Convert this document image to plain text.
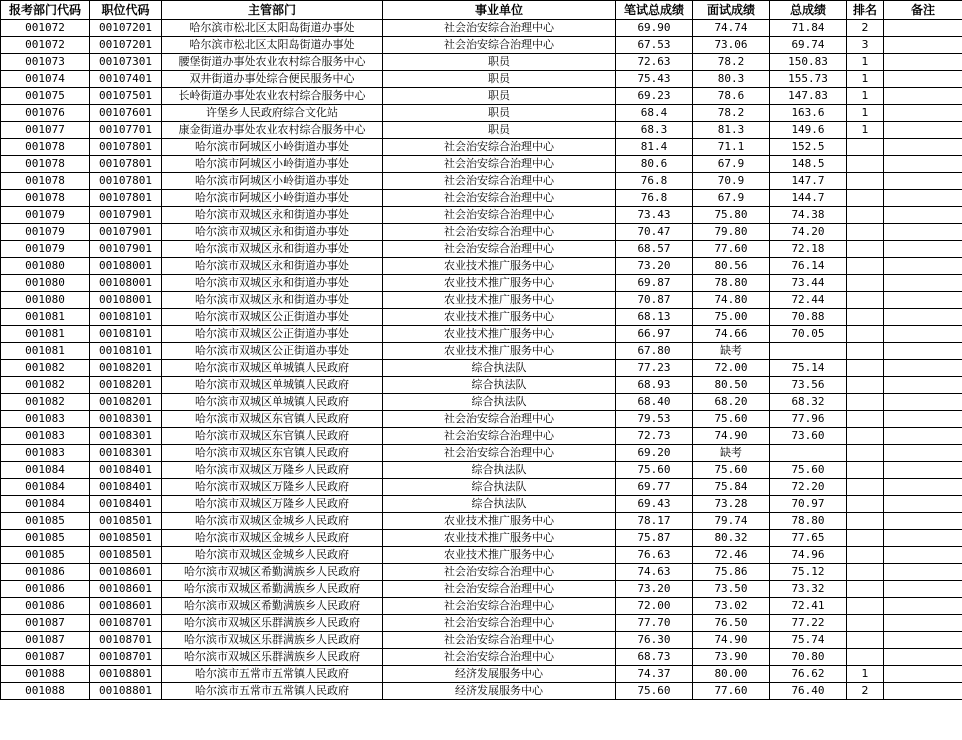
报考部门代码	职位代码	主管部门	事业单位	笔试总成绩	面试成绩	总成绩	排名	备注
001072	00107201	哈尔滨市松北区太阳岛街道办事处	社会治安综合治理中心	69.90	74.74	71.84	2	
001072	00107201	哈尔滨市松北区太阳岛街道办事处	社会治安综合治理中心	67.53	73.06	69.74	3	
001073	00107301	腰堡街道办事处农业农村综合服务中心	职员	72.63	78.2	150.83	1	
001074	00107401	双井街道办事处综合便民服务中心	职员	75.43	80.3	155.73	1	
001075	00107501	长岭街道办事处农业农村综合服务中心	职员	69.23	78.6	147.83	1	
001076	00107601	许堡乡人民政府综合文化站	职员	68.4	78.2	163.6	1	
001077	00107701	康金街道办事处农业农村综合服务中心	职员	68.3	81.3	149.6	1	
001078	00107801	哈尔滨市阿城区小岭街道办事处	社会治安综合治理中心	81.4	71.1	152.5		
001078	00107801	哈尔滨市阿城区小岭街道办事处	社会治安综合治理中心	80.6	67.9	148.5		
001078	00107801	哈尔滨市阿城区小岭街道办事处	社会治安综合治理中心	76.8	70.9	147.7		
001078	00107801	哈尔滨市阿城区小岭街道办事处	社会治安综合治理中心	76.8	67.9	144.7		
001079	00107901	哈尔滨市双城区永和街道办事处	社会治安综合治理中心	73.43	75.80	74.38		
001079	00107901	哈尔滨市双城区永和街道办事处	社会治安综合治理中心	70.47	79.80	74.20		
001079	00107901	哈尔滨市双城区永和街道办事处	社会治安综合治理中心	68.57	77.60	72.18		
001080	00108001	哈尔滨市双城区永和街道办事处	农业技术推广服务中心	73.20	80.56	76.14		
001080	00108001	哈尔滨市双城区永和街道办事处	农业技术推广服务中心	69.87	78.80	73.44		
001080	00108001	哈尔滨市双城区永和街道办事处	农业技术推广服务中心	70.87	74.80	72.44		
001081	00108101	哈尔滨市双城区公正街道办事处	农业技术推广服务中心	68.13	75.00	70.88		
001081	00108101	哈尔滨市双城区公正街道办事处	农业技术推广服务中心	66.97	74.66	70.05		
001081	00108101	哈尔滨市双城区公正街道办事处	农业技术推广服务中心	67.80	缺考			
001082	00108201	哈尔滨市双城区单城镇人民政府	综合执法队	77.23	72.00	75.14		
001082	00108201	哈尔滨市双城区单城镇人民政府	综合执法队	68.93	80.50	73.56		
001082	00108201	哈尔滨市双城区单城镇人民政府	综合执法队	68.40	68.20	68.32		
001083	00108301	哈尔滨市双城区东官镇人民政府	社会治安综合治理中心	79.53	75.60	77.96		
001083	00108301	哈尔滨市双城区东官镇人民政府	社会治安综合治理中心	72.73	74.90	73.60		
001083	00108301	哈尔滨市双城区东官镇人民政府	社会治安综合治理中心	69.20	缺考			
001084	00108401	哈尔滨市双城区万隆乡人民政府	综合执法队	75.60	75.60	75.60		
001084	00108401	哈尔滨市双城区万隆乡人民政府	综合执法队	69.77	75.84	72.20		
001084	00108401	哈尔滨市双城区万隆乡人民政府	综合执法队	69.43	73.28	70.97		
001085	00108501	哈尔滨市双城区金城乡人民政府	农业技术推广服务中心	78.17	79.74	78.80		
001085	00108501	哈尔滨市双城区金城乡人民政府	农业技术推广服务中心	75.87	80.32	77.65		
001085	00108501	哈尔滨市双城区金城乡人民政府	农业技术推广服务中心	76.63	72.46	74.96		
001086	00108601	哈尔滨市双城区希勤满族乡人民政府	社会治安综合治理中心	74.63	75.86	75.12		
001086	00108601	哈尔滨市双城区希勤满族乡人民政府	社会治安综合治理中心	73.20	73.50	73.32		
001086	00108601	哈尔滨市双城区希勤满族乡人民政府	社会治安综合治理中心	72.00	73.02	72.41		
001087	00108701	哈尔滨市双城区乐群满族乡人民政府	社会治安综合治理中心	77.70	76.50	77.22		
001087	00108701	哈尔滨市双城区乐群满族乡人民政府	社会治安综合治理中心	76.30	74.90	75.74		
001087	00108701	哈尔滨市双城区乐群满族乡人民政府	社会治安综合治理中心	68.73	73.90	70.80		
001088	00108801	哈尔滨市五常市五常镇人民政府	经济发展服务中心	74.37	80.00	76.62	1	
001088	00108801	哈尔滨市五常市五常镇人民政府	经济发展服务中心	75.60	77.60	76.40	2	
